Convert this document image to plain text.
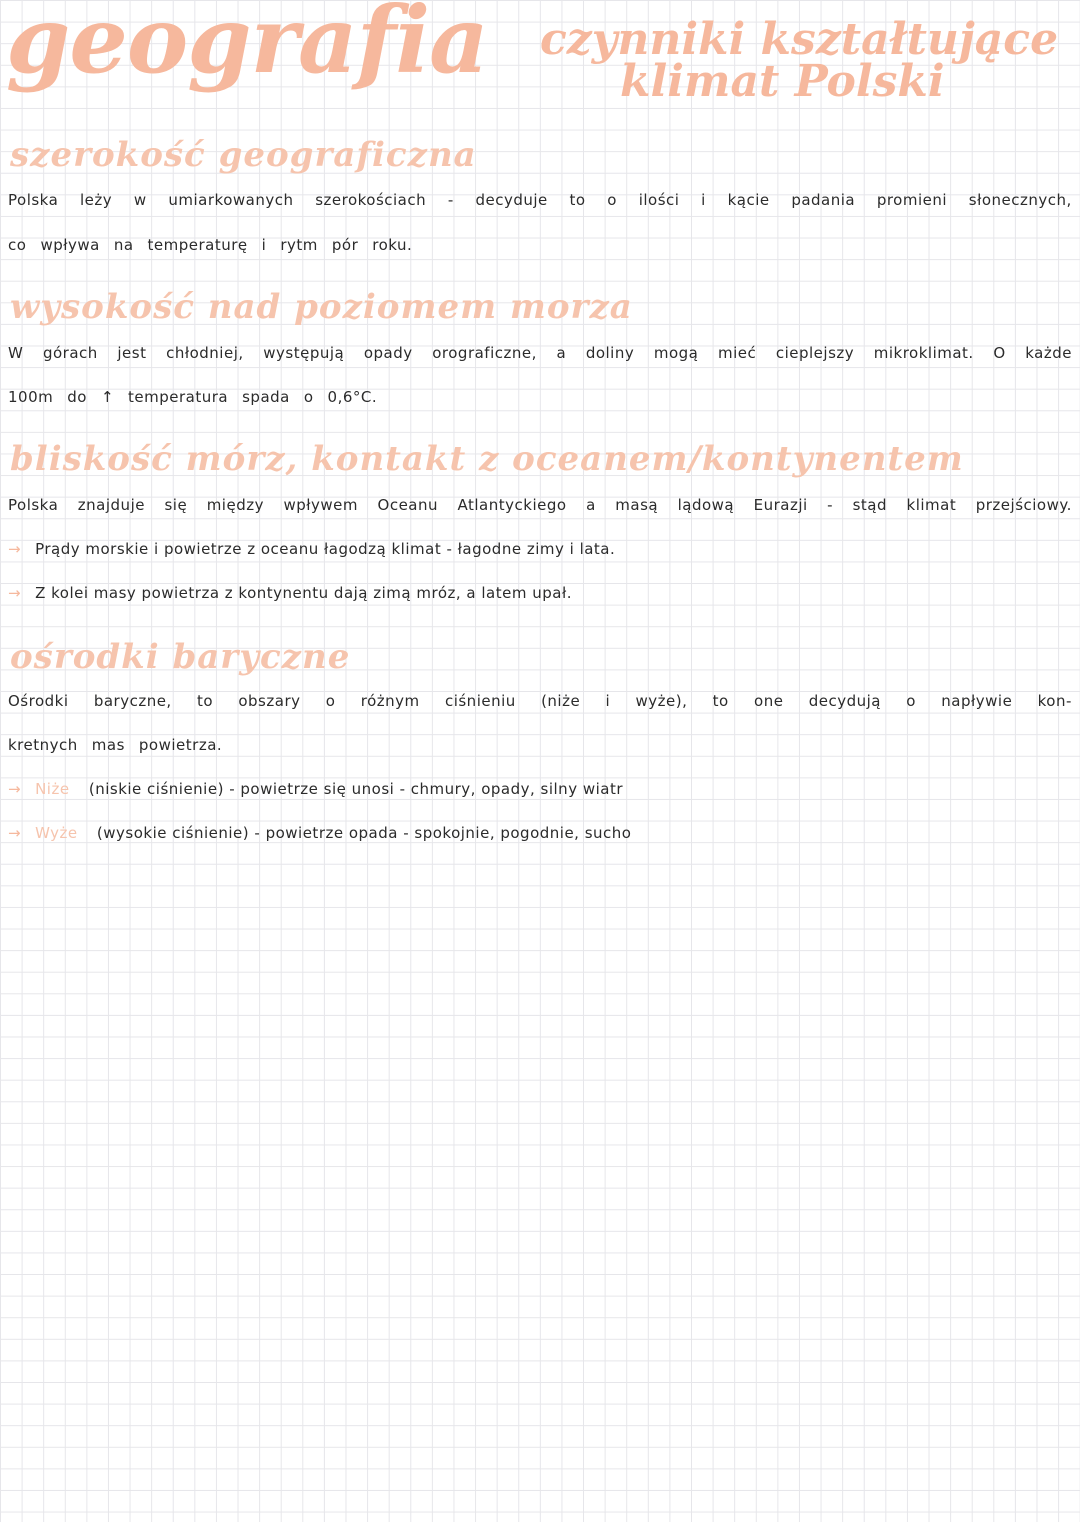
geografia czynniki kształtujące
klimat Polski
szerokość geograficzna
Polska leży w umiarkowanych szerokościach - decyduje to o ilości i kącie padania promieni słonecznych,
co wpływa na temperaturę i rytm pór roku.
wysokość nad poziomem morza
W górach jest chłodniej, występują opady orograficzne, a doliny mogą mieć cieplejszy mikroklimat. O każde
100m do ↑ temperatura spada o 0,6°C.
bliskość mórz, kontakt z oceanem/kontynentem
Polska znajduje się między wpływem Oceanu Atlantyckiego a masą lądową Eurazji - stąd klimat przejściowy.
→ Prądy morskie i powietrze z oceanu łagodzą klimat - łagodne zimy i lata.
→ Z kolei masy powietrza z kontynentu dają zimą mróz, a latem upał.
ośrodki baryczne
Ośrodki baryczne, to obszary o różnym ciśnieniu (niże i wyże), to one decydują o napływie kon-
kretnych mas powietrza.
→ Niże (niskie ciśnienie) - powietrze się unosi - chmury, opady, silny wiatr
→ Wyże (wysokie ciśnienie) - powietrze opada - spokojnie, pogodnie, sucho
